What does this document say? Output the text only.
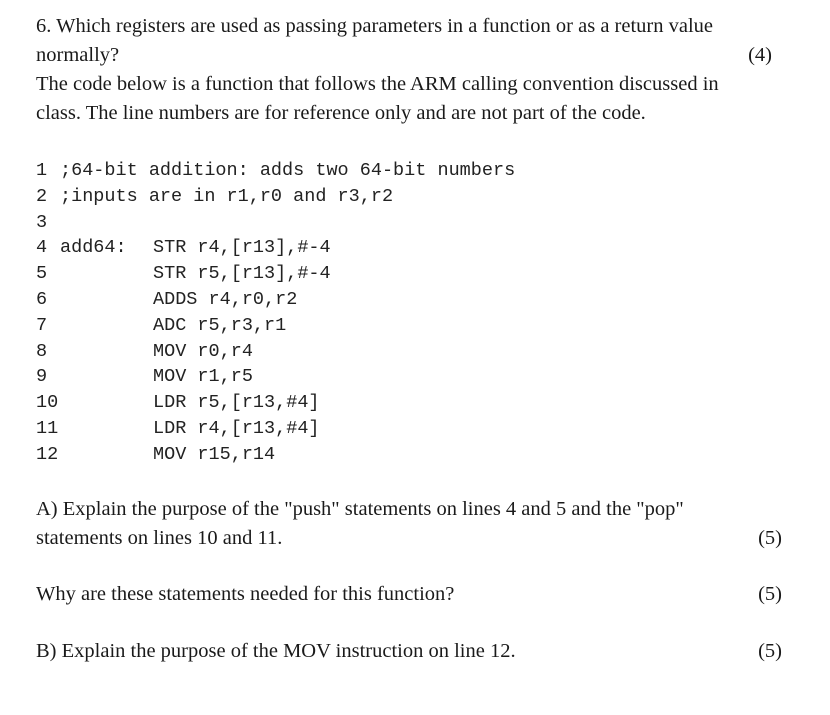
6. Which registers are used as passing parameters in a function or as a return value

normally?	(4)

The code below is a function that follows the ARM calling convention discussed in

class. The line numbers are for reference only and are not part of the code.

1 ;64-bit addition: adds two 64-bit numbers
2 ;inputs are in r1,r0 and r3,r2
3
4 add64:	STR r4,[r13],#-4
5	STR r5,[r13],#-4
6	ADDS r4,r0,r2
7	ADC r5,r3,r1
8	MOV r0,r4
9	MOV r1,r5
10	LDR r5,[r13,#4]
11	LDR r4,[r13,#4]
12	MOV r15,r14

A) Explain the purpose of the "push" statements on lines 4 and 5 and the "pop"

statements on lines 10 and 11.	(5)
Why are these statements needed for this function?	(5)
B) Explain the purpose of the MOV instruction on line 12.	(5)
